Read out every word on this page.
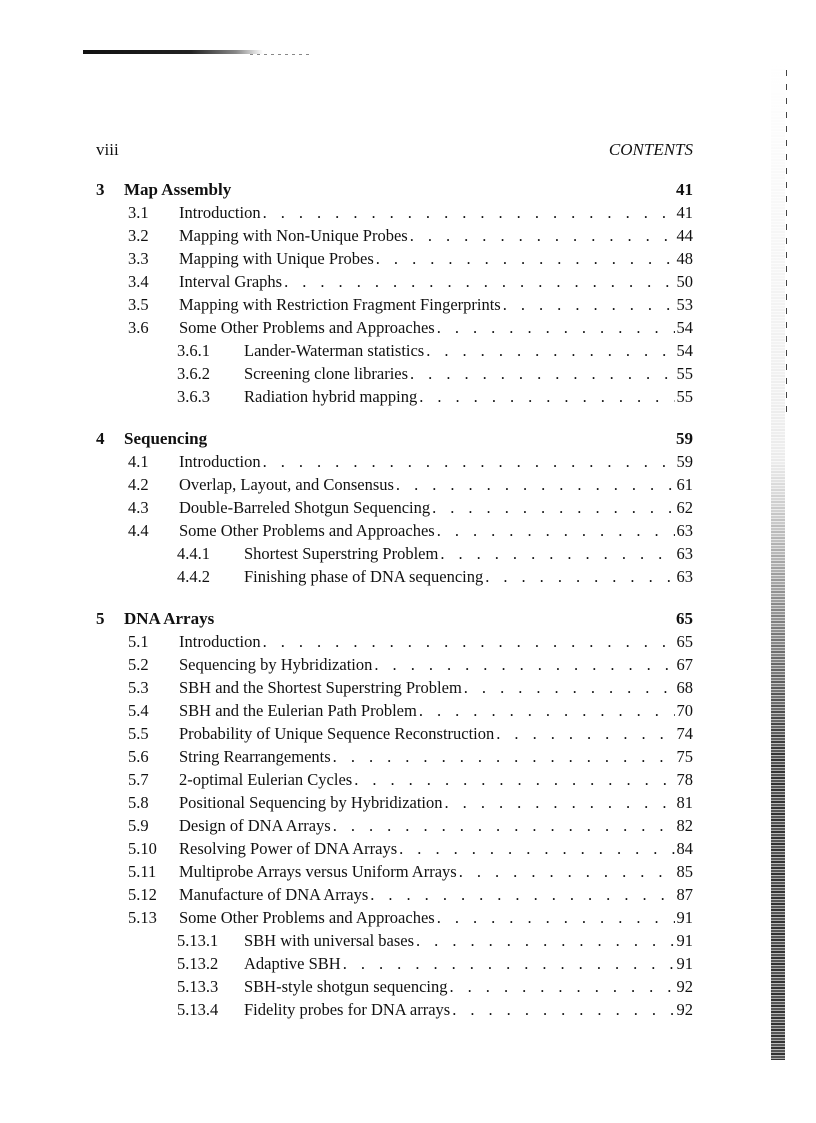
viii	CONTENTS
3	Map Assembly	41
3.1	Introduction . . .	41
3.2	Mapping with Non-Unique Probes . . .	44
3.3	Mapping with Unique Probes . . .	48
3.4	Interval Graphs . . .	50
3.5	Mapping with Restriction Fragment Fingerprints . . .	53
3.6	Some Other Problems and Approaches . . .	54
3.6.1	Lander-Waterman statistics . . .	54
3.6.2	Screening clone libraries . . .	55
3.6.3	Radiation hybrid mapping . . .	55
4	Sequencing	59
4.1	Introduction . . .	59
4.2	Overlap, Layout, and Consensus . . .	61
4.3	Double-Barreled Shotgun Sequencing . . .	62
4.4	Some Other Problems and Approaches . . .	63
4.4.1	Shortest Superstring Problem . . .	63
4.4.2	Finishing phase of DNA sequencing . . .	63
5	DNA Arrays	65
5.1	Introduction . . .	65
5.2	Sequencing by Hybridization . . .	67
5.3	SBH and the Shortest Superstring Problem . . .	68
5.4	SBH and the Eulerian Path Problem . . .	70
5.5	Probability of Unique Sequence Reconstruction . . .	74
5.6	String Rearrangements . . .	75
5.7	2-optimal Eulerian Cycles . . .	78
5.8	Positional Sequencing by Hybridization . . .	81
5.9	Design of DNA Arrays . . .	82
5.10	Resolving Power of DNA Arrays . . .	84
5.11	Multiprobe Arrays versus Uniform Arrays . . .	85
5.12	Manufacture of DNA Arrays . . .	87
5.13	Some Other Problems and Approaches . . .	91
5.13.1	SBH with universal bases . . .	91
5.13.2	Adaptive SBH . . .	91
5.13.3	SBH-style shotgun sequencing . . .	92
5.13.4	Fidelity probes for DNA arrays . . .	92
